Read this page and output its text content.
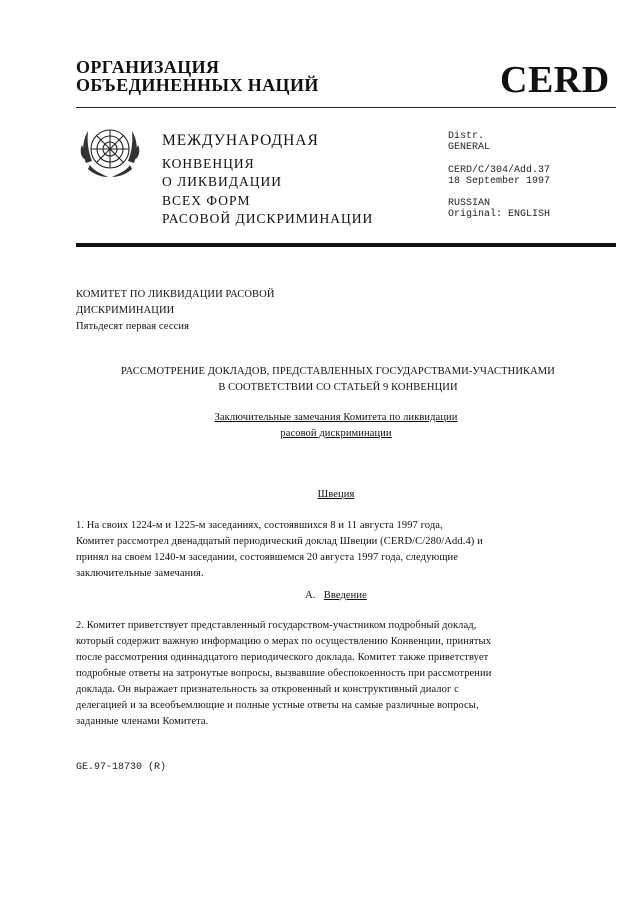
ОРГАНИЗАЦИЯ
ОБЪЕДИНЕННЫХ НАЦИЙ	CERD
МЕЖДУНАРОДНАЯ
КОНВЕНЦИЯ
О ЛИКВИДАЦИИ
ВСЕХ ФОРМ
РАСОВОЙ ДИСКРИМИНАЦИИ
Distr.
GENERAL
CERD/C/304/Add.37
18 September 1997
RUSSIAN
Original: ENGLISH
КОМИТЕТ ПО ЛИКВИДАЦИИ РАСОВОЙ
ДИСКРИМИНАЦИИ
Пятьдесят первая сессия
РАССМОТРЕНИЕ ДОКЛАДОВ, ПРЕДСТАВЛЕННЫХ ГОСУДАРСТВАМИ-УЧАСТНИКАМИ
В СООТВЕТСТВИИ СО СТАТЬЕЙ 9 КОНВЕНЦИИ
Заключительные замечания Комитета по ликвидации
расовой дискриминации
Швеция
1. На своих 1224-м и 1225-м заседаниях, состоявшихся 8 и 11 августа 1997 года,
Комитет рассмотрел двенадцатый периодический доклад Швеции (CERD/C/280/Add.4) и
принял на своем 1240-м заседании, состоявшемся 20 августа 1997 года, следующие
заключительные замечания.
А. Введение
2. Комитет приветствует представленный государством-участником подробный доклад,
который содержит важную информацию о мерах по осуществлению Конвенции, принятых
после рассмотрения одиннадцатого периодического доклада. Комитет также приветствует
подробные ответы на затронутые вопросы, вызвавшие обеспокоенность при рассмотрении
доклада. Он выражает признательность за откровенный и конструктивный диалог с
делегацией и за всеобъемлющие и полные устные ответы на самые различные вопросы,
заданные членами Комитета.
GE.97-18730 (R)
